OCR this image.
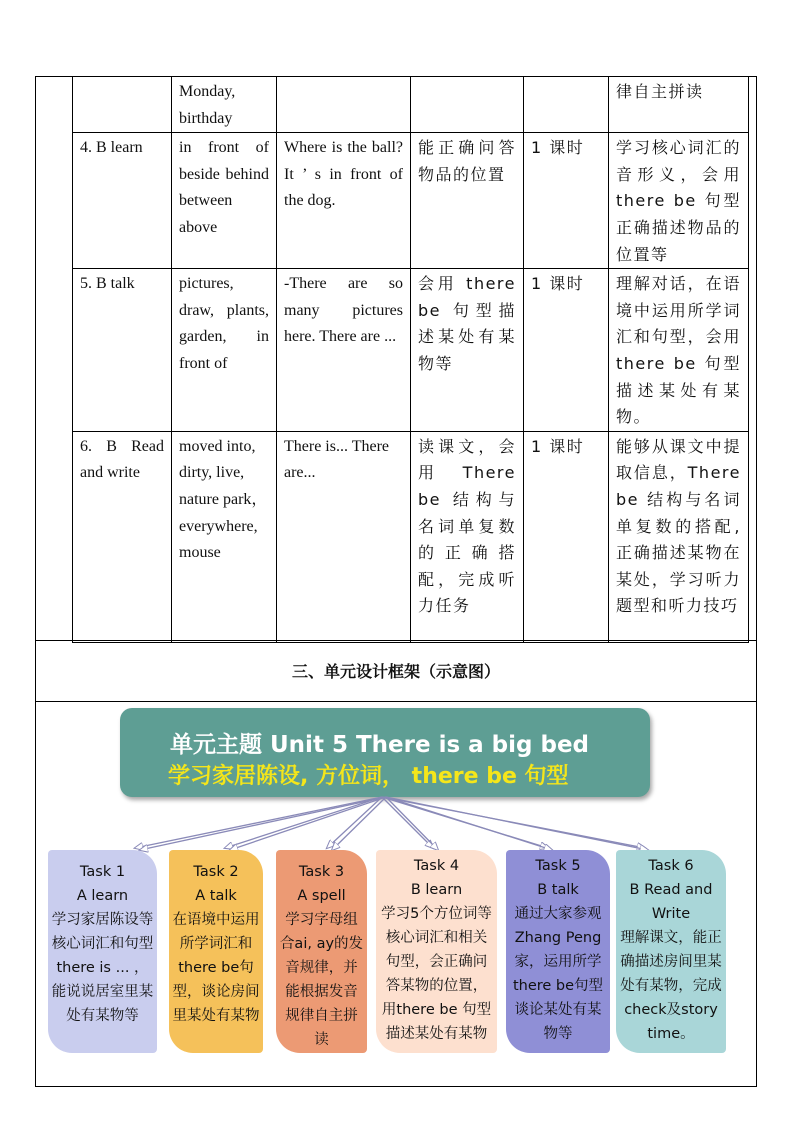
	Monday, birthday				律自主拼读
4. B learn	in front of beside behind between above	Where is the ball? It ’ s in front of the dog.	能正确问答物品的位置	1 课时	学习核心词汇的音形义，会用 there be 句型正确描述物品的位置等
5. B talk	pictures, draw, plants, garden, in front of	-There are so many pictures here. There are ...	会用 there be 句型描述某处有某物等	1 课时	理解对话，在语境中运用所学词汇和句型，会用 there be 句型描述某处有某物。
6. B Read and write	moved into, dirty, live, nature park， everywhere, mouse	There is... There are...	读课文，会用 There be 结构与名词单复数的正确搭配，完成听力任务	1 课时	能够从课文中提取信息，There be 结构与名词单复数的搭配,正确描述某物在某处，学习听力题型和听力技巧
三、单元设计框架（示意图）
单元主题 Unit 5 There is a big bed
学习家居陈设, 方位词， there be 句型
Task 1
A learn
学习家居陈设等核心词汇和句型there is ... ，能说说居室里某处有某物等
Task 2
A talk
在语境中运用所学词汇和there be句型，谈论房间里某处有某物
Task 3
A spell
学习字母组合ai, ay的发音规律，并能根据发音规律自主拼读
Task 4
B learn
学习5个方位词等核心词汇和相关句型，会正确问答某物的位置，用there be 句型描述某处有某物
Task 5
B talk
通过大家参观Zhang Peng家，运用所学there be句型谈论某处有某物等
Task 6
B Read and Write
理解课文，能正确描述房间里某处有某物，完成check及story time。
